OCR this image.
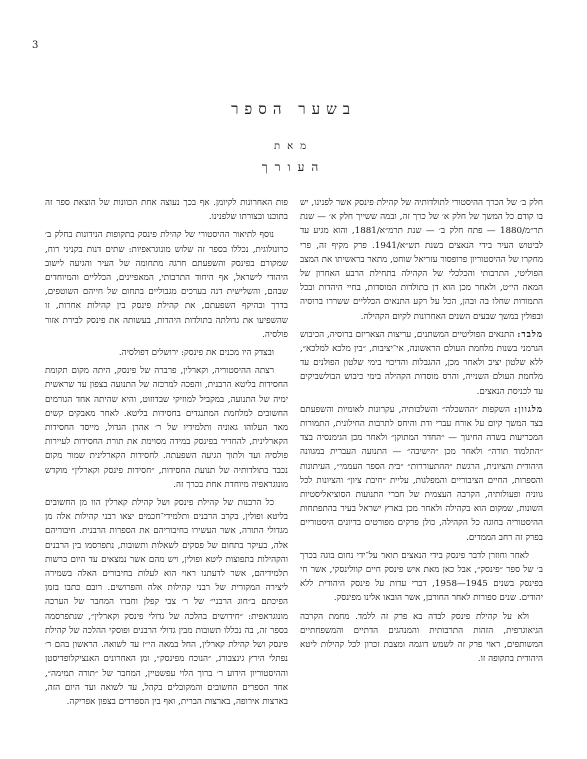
3
בשער הספר
מאת
העורך

חלק ב׳ של הכרך ההיסטורי לתולדותיה של קהילת פינסק אשר לפנינו, יש בו קודם כל המשך של חלק א׳ של כרך זה, ובמה ששייך חלק א׳ — שנת תר״מ/1880 — פתח חלק ב׳ — שנת תרמ״א/1881, והוא מגיע עד לביטוש העיר בידי הנאצים בשנת תש״א/1941. פרק מקיף זה, פרי מחקרו של ההיסטוריון פרופסור עזריאל שוחט, מתאר בראשיתו את המצב הפוליטי, התרבותי והכלכלי של הקהילה בתחילת הרבע האחרון של המאה הי״ט, ולאחר מכן הוא דן בתולדות המוסדות, בחיי היהדות ובכל התמורות שחלו בה ובהן, הכל על רקע התנאים הכלליים ששררו ברוסיה ובפולין במשך שבעים השנים האחרונות לקיום הקהילה.

מלבד: התנאים הפוליטיים המשתנים, עריצות הצאריזם ברוסיה, הכיבוש הגרמני בשנות מלחמת העולם הראשונה, אי־יציבות, ״בין מלכא למלכא״, ללא שלטון יציב ולאחר מכן, ההגבלות והדיכוי בימי שלטון הפולנים עד מלחמת העולם השנייה, והרס מוסדות הקהילה בימי כיבוש הבולשביקים עד לכניסת הנאצים.

מלגוון: השקפות ״ההשכלה״ והשלכותיה, עקרונות לאומיות והשפעתם בצד המשך קיום על אורח עברי ודת והיחס לתרבות החילונית, התמורות המכריעות בשדה החינוך — ״החדר המתוקן״ ולאחר מכן הגימנסיה בצד ״התלמוד תורה״ ולאחר מכן ״הישיבה״ — התנועה העברית במגוונה היהודית והציונית, הרגשת ״ההתעוררות״ ״בית הספר העממי״, העיתונות והספרות, החיים הציבוריים והמפלגות, עליית ״חיבת ציון״ והציונות לכל גווניה ופעולותיה, הקרבה העצמית של חברי התנועות הסוציאליסטיות השונות, שמקום הוא בקהילה ולאחר מכן בארץ ישראל בעיר בהתפתחות ההיסטוריה בחוגה כל הקהילה, כולן פרקים מפורטים בדיונים היסטוריים בפרק זה רחב הממדים.

לאחר וחוזרן לדבר פינסק בידי הנאצים תואר על־ידי נחום בוגה בכרך ב׳ של ספר ״פינסק״, אבל כאן מאת איש פינסק חיים קוולינסקי, אשר חי בפינסק בשנים 1945—1958, דברי עדות על פינסק היהודית ללא יהודים. שנים ספורות לאחר החורבן, אשר הובאו אלינו מפינסק.

ולא על קהילת פינסק לבדה בא פרק זה ללמד. מחמת הקרבה הגיאוגרפית, הזהות התרבותית והמנהגים הדתיים והמשפחתיים המשותפים, ראוי פרק זה לשמש דוגמה ומצבת זכרון לכל קהילות ליטא היהודית בתקופה זו.

פות האחרונות לקיומן. אף בכך נעוצה אחת הכוונות של הוצאת ספר זה בתוכנו ובצורתו שלפנינו.

נוסף לתיאור ההיסטורי של קהילת פינסק בתקופות הנידונות בחלק ב׳ כרונולוגית, נכללו בספר זה שלוש מונוגראפיות: שתים דנות בקניני רוח, שמקורם בפינסק והשפעתם חרגה מתחומה של העיר והגיעה לישוב היהודי לישראל, אף היחוד התרבותי, המאפיינים, הכלליים והמיוחדים שבהם, והשלישית דנה בערכים מגבוליים בתחום של חייהם השוטפים, בדרך ובהיקף השפעתם, את קהילת פינסק בין קהילות אחרות, זו שהשפיעו את גדולתה בתולדות היהדות, בעשותה את פינסק לבירת אזור פולסיה.

ובצדק היו מכנים את פינסק: ירושלים דפולסיה.

רצתה ההיסטוריה, וקארלין, פרברה של פינסק, היתה מקום תקומת החסידות בליטא הרבנית, והפכה למרכזה של התנועה בצפון עד שראשית ימיה של התנועה, במקביל למוזיקי שבדוזוט, והיא שהיתה אחד הגורמים החשובים למלחמת המתנגדים בחסידות בליטא. לאחר מאבקים קשים מאד העלוהו גאוניה ותלמידיו של ר׳ אהרן הגדול, מייסד החסידות הקארלינית, להחדיר בפינסק במידה מסוימת את תורת החסידות לעיירות פולסיה ועד ולתוך הגיעה השפעתה. לחסידות הקארלינית שמור מקום נכבד בתולדותיה של תנועת החסידות, ״חסידות פינסק וקארלין״ מוקדש מונוגראפיה מיוחדת אחת בכרך זה.

כל הרבנות של קהילת פינסק ושל קהילת קארלין הוו מן החשובים בליטא ופולין, בקרב הרבנים ותלמידי־חכמים יצאו רבני קהילות אלה מן מגדולי התורה, אשר העשירו בחיבוריהם את הספרות הרבנית. חיבוריהם אלה, בעיקר בתחום של פסקים לשאלות ותשובות, נתפרסמו בין הרבנים והקהילות בתפוצות ליטא ופולין, ויש מהם אשר נמצאים עד היום ברשות תלמידיהם, אשר לדעתנו ראוי הוא לעלות בחיבורים האלה בשמירה ליצירה המקורית של רבני קהילות אלה והפרושים. רובם כתבו בזמן הפיכתם ב״חוג הרבני״ של ר׳ צבי קפלן וחברו המחבר של הערכה מונוגראפית: ״חידושים בהלכה של גדולי פינסק וקארלין״, שנתפרסמה בספר זה, בה נכללו תשובות מבין גדולי הרבנים ופוסקי ההלכה של קהילת פינסק ושל קהילת קארלין, החל במאה הי״ז עד לשואה. הראשון בהם ר׳ נפתלי הירץ גינצבורג, ״הנוכח מפינסק״, ומן האחרונים האנציקלופדיסטן וההיסטוריון הידוע ר׳ ברוך הלוי עפשטיין, המחבר של ״תורה תמימה״, אחד הספרים החשובים והמקובלים בקהל, עד לשואה ועד היום הזה, בארצות אירופה, בארצות הברית, ואף בין הספרדים בצפון אפריקה.
